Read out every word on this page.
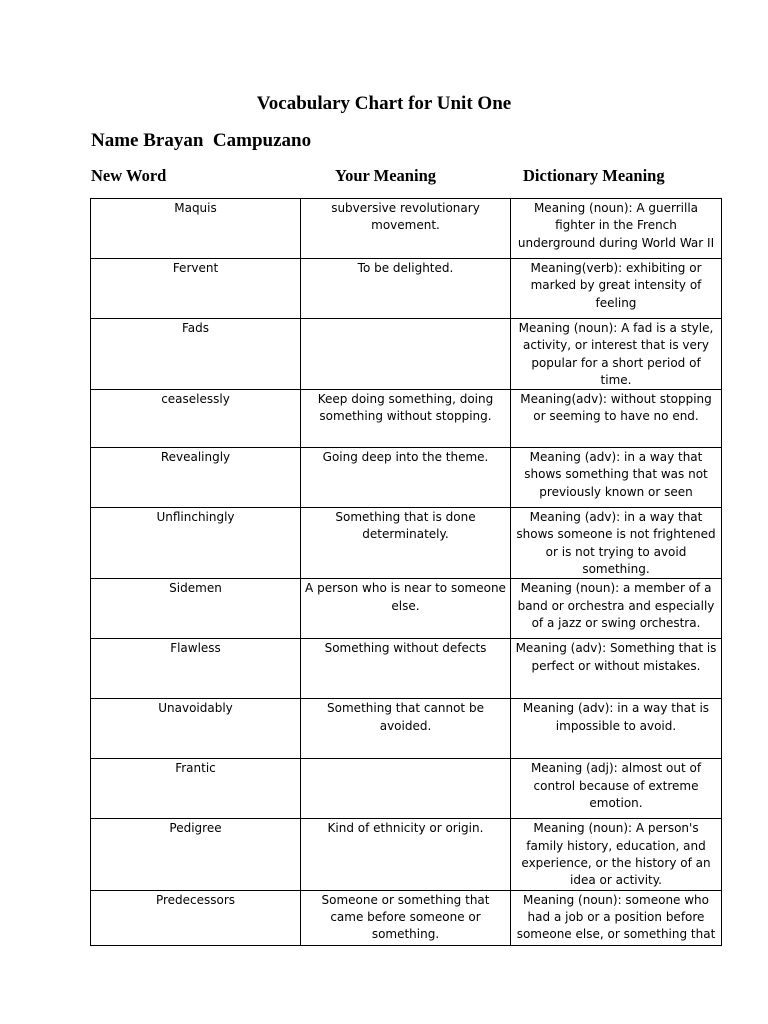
Vocabulary Chart for Unit One
Name Brayan  Campuzano
New Word	Your Meaning	Dictionary Meaning
Maquis	subversive revolutionary movement.	Meaning (noun): A guerrilla fighter in the French underground during World War II
Fervent	To be delighted.	Meaning(verb): exhibiting or marked by great intensity of feeling
Fads		Meaning (noun): A fad is a style, activity, or interest that is very popular for a short period of time.
ceaselessly	Keep doing something, doing something without stopping.	Meaning(adv): without stopping or seeming to have no end.
Revealingly	Going deep into the theme.	Meaning (adv): in a way that shows something that was not previously known or seen
Unflinchingly	Something that is done determinately.	Meaning (adv): in a way that shows someone is not frightened or is not trying to avoid something.
Sidemen	A person who is near to someone else.	Meaning (noun): a member of a band or orchestra and especially of a jazz or swing orchestra.
Flawless	Something without defects	Meaning (adv): Something that is perfect or without mistakes.
Unavoidably	Something that cannot be avoided.	Meaning (adv): in a way that is impossible to avoid.
Frantic		Meaning (adj): almost out of control because of extreme emotion.
Pedigree	Kind of ethnicity or origin.	Meaning (noun): A person's family history, education, and experience, or the history of an idea or activity.
Predecessors	Someone or something that came before someone or something.	Meaning (noun): someone who had a job or a position before someone else, or something that
